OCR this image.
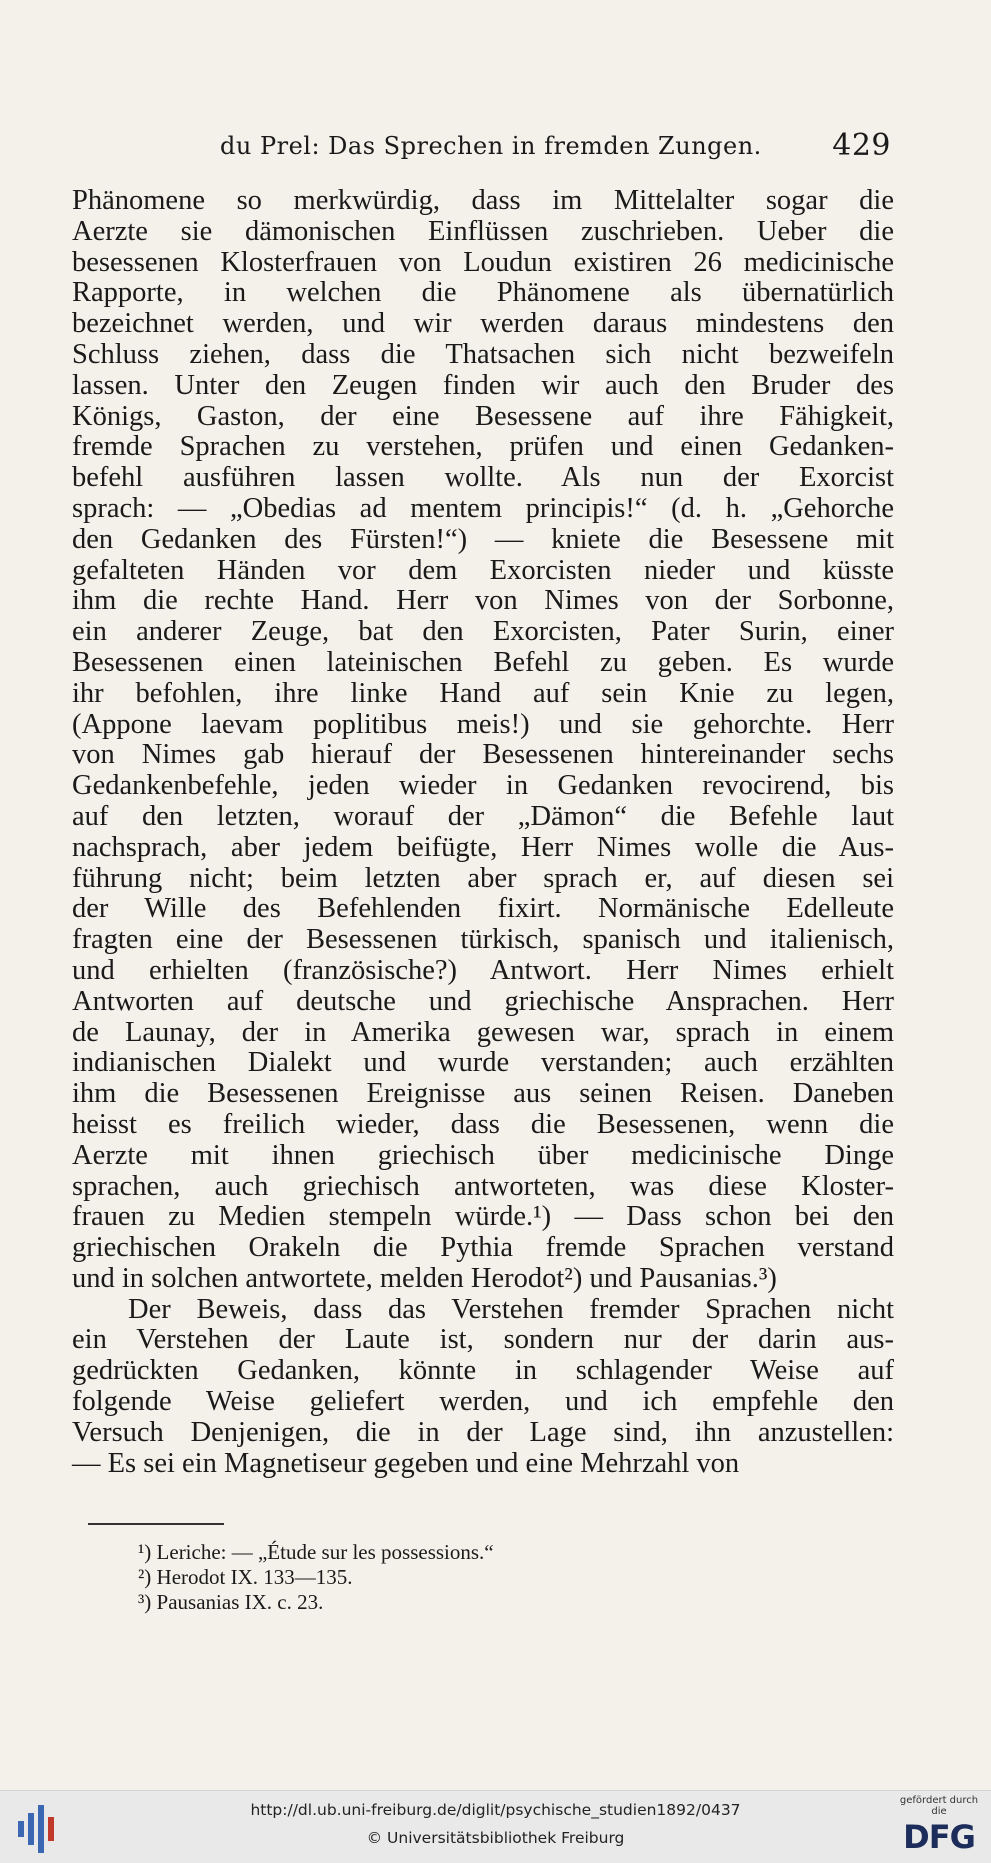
du Prel: Das Sprechen in fremden Zungen. 429

Phänomene so merkwürdig, dass im Mittelalter sogar die
Aerzte sie dämonischen Einflüssen zuschrieben. Ueber die
besessenen Klosterfrauen von Loudun existiren 26 medicinische
Rapporte, in welchen die Phänomene als übernatürlich
bezeichnet werden, und wir werden daraus mindestens den
Schluss ziehen, dass die Thatsachen sich nicht bezweifeln
lassen. Unter den Zeugen finden wir auch den Bruder des
Königs, Gaston, der eine Besessene auf ihre Fähigkeit,
fremde Sprachen zu verstehen, prüfen und einen Gedanken-
befehl ausführen lassen wollte. Als nun der Exorcist
sprach: — „Obedias ad mentem principis!“ (d. h. „Gehorche
den Gedanken des Fürsten!“) — kniete die Besessene mit
gefalteten Händen vor dem Exorcisten nieder und küsste
ihm die rechte Hand. Herr von Nimes von der Sorbonne,
ein anderer Zeuge, bat den Exorcisten, Pater Surin, einer
Besessenen einen lateinischen Befehl zu geben. Es wurde
ihr befohlen, ihre linke Hand auf sein Knie zu legen,
(Appone laevam poplitibus meis!) und sie gehorchte. Herr
von Nimes gab hierauf der Besessenen hintereinander sechs
Gedankenbefehle, jeden wieder in Gedanken revocirend, bis
auf den letzten, worauf der „Dämon“ die Befehle laut
nachsprach, aber jedem beifügte, Herr Nimes wolle die Aus-
führung nicht; beim letzten aber sprach er, auf diesen sei
der Wille des Befehlenden fixirt. Normänische Edelleute
fragten eine der Besessenen türkisch, spanisch und italienisch,
und erhielten (französische?) Antwort. Herr Nimes erhielt
Antworten auf deutsche und griechische Ansprachen. Herr
de Launay, der in Amerika gewesen war, sprach in einem
indianischen Dialekt und wurde verstanden; auch erzählten
ihm die Besessenen Ereignisse aus seinen Reisen. Daneben
heisst es freilich wieder, dass die Besessenen, wenn die
Aerzte mit ihnen griechisch über medicinische Dinge
sprachen, auch griechisch antworteten, was diese Kloster-
frauen zu Medien stempeln würde.¹) — Dass schon bei den
griechischen Orakeln die Pythia fremde Sprachen verstand
und in solchen antwortete, melden Herodot²) und Pausanias.³)

Der Beweis, dass das Verstehen fremder Sprachen nicht
ein Verstehen der Laute ist, sondern nur der darin aus-
gedrückten Gedanken, könnte in schlagender Weise auf
folgende Weise geliefert werden, und ich empfehle den
Versuch Denjenigen, die in der Lage sind, ihn anzustellen:
— Es sei ein Magnetiseur gegeben und eine Mehrzahl von

¹) Leriche: — „Étude sur les possessions.“
²) Herodot IX. 133—135.
³) Pausanias IX. c. 23.
http://dl.ub.uni-freiburg.de/diglit/psychische_studien1892/0437
© Universitätsbibliothek Freiburg
gefördert durch die
DFG
